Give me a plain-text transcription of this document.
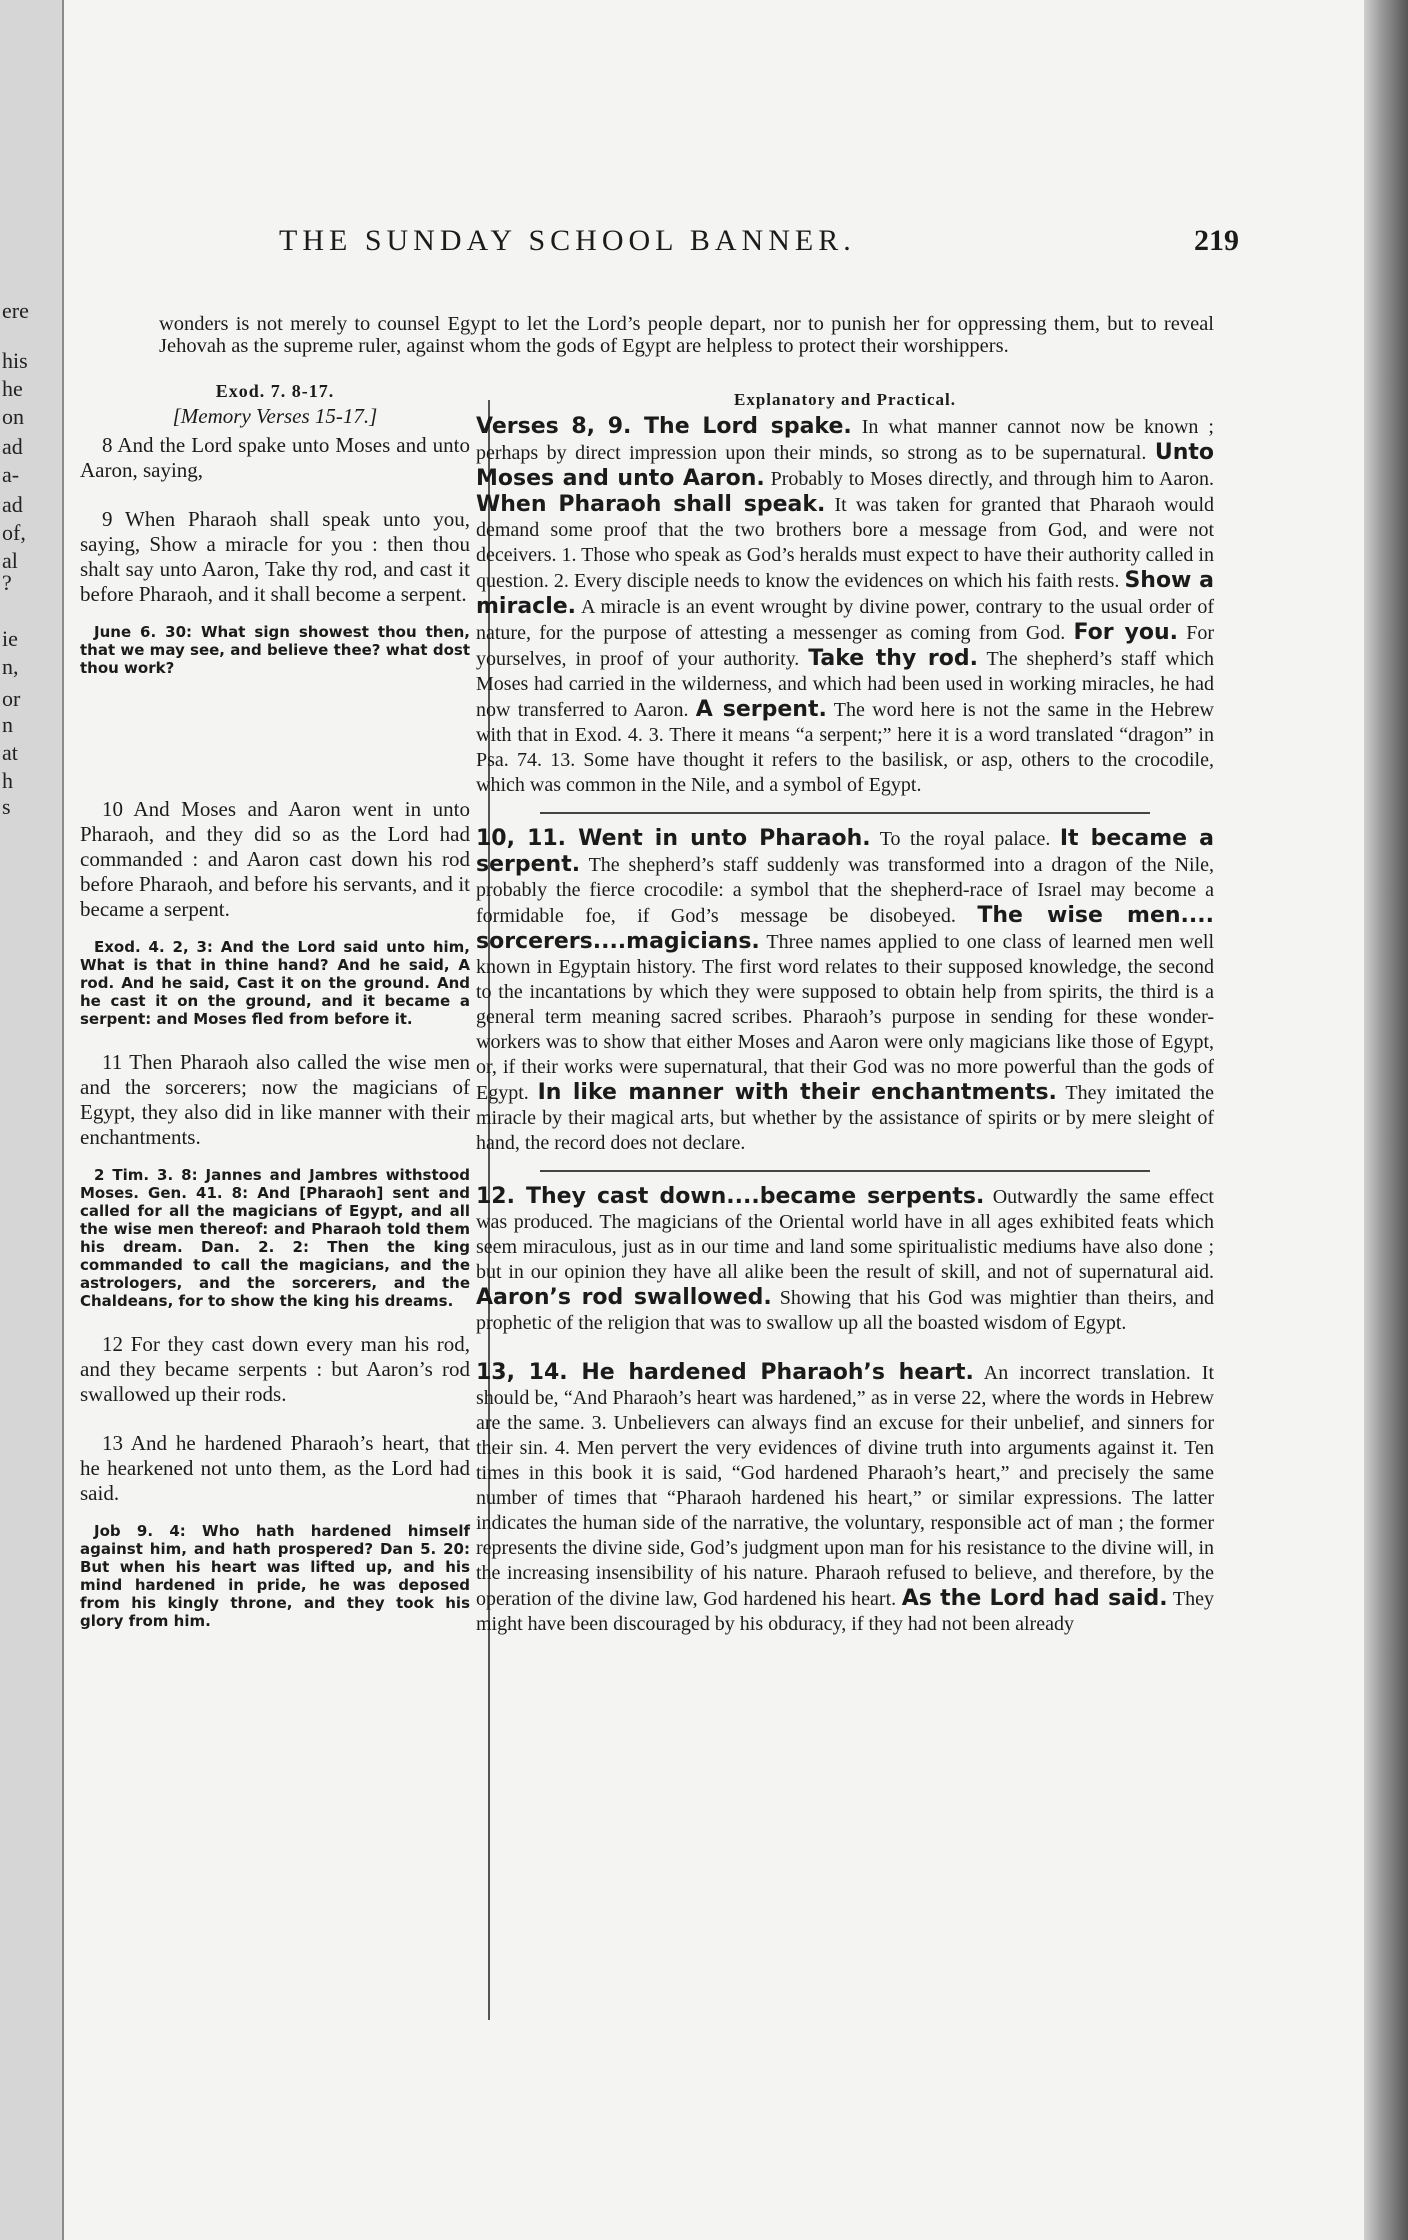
ere
his
he
on
ad
a-
ad
of,
al
?
ie
n,
or
n
at
h
s
THE SUNDAY SCHOOL BANNER.	219

wonders is not merely to counsel Egypt to let the Lord’s people depart, nor to punish her for oppressing them, but to reveal Jehovah as the supreme ruler, against whom the gods of Egypt are helpless to protect their worshippers.

Exod. 7. 8-17.
[Memory Verses 15-17.]

8 And the Lord spake unto Moses and unto Aaron, saying,

9 When Pharaoh shall speak unto you, saying, Show a miracle for you : then thou shalt say unto Aaron, Take thy rod, and cast it before Pharaoh, and it shall become a serpent.

June 6. 30: What sign showest thou then, that we may see, and believe thee? what dost thou work?

10 And Moses and Aaron went in unto Pharaoh, and they did so as the Lord had commanded : and Aaron cast down his rod before Pharaoh, and before his servants, and it became a serpent.

Exod. 4. 2, 3: And the Lord said unto him, What is that in thine hand? And he said, A rod. And he said, Cast it on the ground. And he cast it on the ground, and it became a serpent: and Moses fled from before it.

11 Then Pharaoh also called the wise men and the sorcerers; now the magicians of Egypt, they also did in like manner with their enchantments.

2 Tim. 3. 8: Jannes and Jambres withstood Moses. Gen. 41. 8: And [Pharaoh] sent and called for all the magicians of Egypt, and all the wise men thereof: and Pharaoh told them his dream. Dan. 2. 2: Then the king commanded to call the magicians, and the astrologers, and the sorcerers, and the Chaldeans, for to show the king his dreams.

12 For they cast down every man his rod, and they became serpents : but Aaron’s rod swallowed up their rods.

13 And he hardened Pharaoh’s heart, that he hearkened not unto them, as the Lord had said.

Job 9. 4: Who hath hardened himself against him, and hath prospered? Dan 5. 20: But when his heart was lifted up, and his mind hardened in pride, he was deposed from his kingly throne, and they took his glory from him.

Explanatory and Practical.

Verses 8, 9. The Lord spake. In what manner cannot now be known ; perhaps by direct impression upon their minds, so strong as to be supernatural. Unto Moses and unto Aaron. Probably to Moses directly, and through him to Aaron. When Pharaoh shall speak. It was taken for granted that Pharaoh would demand some proof that the two brothers bore a message from God, and were not deceivers. 1. Those who speak as God’s heralds must expect to have their authority called in question. 2. Every disciple needs to know the evidences on which his faith rests. Show a miracle. A miracle is an event wrought by divine power, contrary to the usual order of nature, for the purpose of attesting a messenger as coming from God. For you. For yourselves, in proof of your authority. Take thy rod. The shepherd’s staff which Moses had carried in the wilderness, and which had been used in working miracles, he had now transferred to Aaron. A serpent. The word here is not the same in the Hebrew with that in Exod. 4. 3. There it means “a serpent;” here it is a word translated “dragon” in Psa. 74. 13. Some have thought it refers to the basilisk, or asp, others to the crocodile, which was common in the Nile, and a symbol of Egypt.

10, 11. Went in unto Pharaoh. To the royal palace. It became a serpent. The shepherd’s staff suddenly was transformed into a dragon of the Nile, probably the fierce crocodile: a symbol that the shepherd-race of Israel may become a formidable foe, if God’s message be disobeyed. The wise men.... sorcerers....magicians. Three names applied to one class of learned men well known in Egyptain history. The first word relates to their supposed knowledge, the second to the incantations by which they were supposed to obtain help from spirits, the third is a general term meaning sacred scribes. Pharaoh’s purpose in sending for these wonder-workers was to show that either Moses and Aaron were only magicians like those of Egypt, or, if their works were supernatural, that their God was no more powerful than the gods of Egypt. In like manner with their enchantments. They imitated the miracle by their magical arts, but whether by the assistance of spirits or by mere sleight of hand, the record does not declare.

12. They cast down....became serpents. Outwardly the same effect was produced. The magicians of the Oriental world have in all ages exhibited feats which seem miraculous, just as in our time and land some spiritualistic mediums have also done ; but in our opinion they have all alike been the result of skill, and not of supernatural aid. Aaron’s rod swallowed. Showing that his God was mightier than theirs, and prophetic of the religion that was to swallow up all the boasted wisdom of Egypt.

13, 14. He hardened Pharaoh’s heart. An incorrect translation. It should be, “And Pharaoh’s heart was hardened,” as in verse 22, where the words in Hebrew are the same. 3. Unbelievers can always find an excuse for their unbelief, and sinners for their sin. 4. Men pervert the very evidences of divine truth into arguments against it. Ten times in this book it is said, “God hardened Pharaoh’s heart,” and precisely the same number of times that “Pharaoh hardened his heart,” or similar expressions. The latter indicates the human side of the narrative, the voluntary, responsible act of man ; the former represents the divine side, God’s judgment upon man for his resistance to the divine will, in the increasing insensibility of his nature. Pharaoh refused to believe, and therefore, by the operation of the divine law, God hardened his heart. As the Lord had said. They might have been discouraged by his obduracy, if they had not been already
